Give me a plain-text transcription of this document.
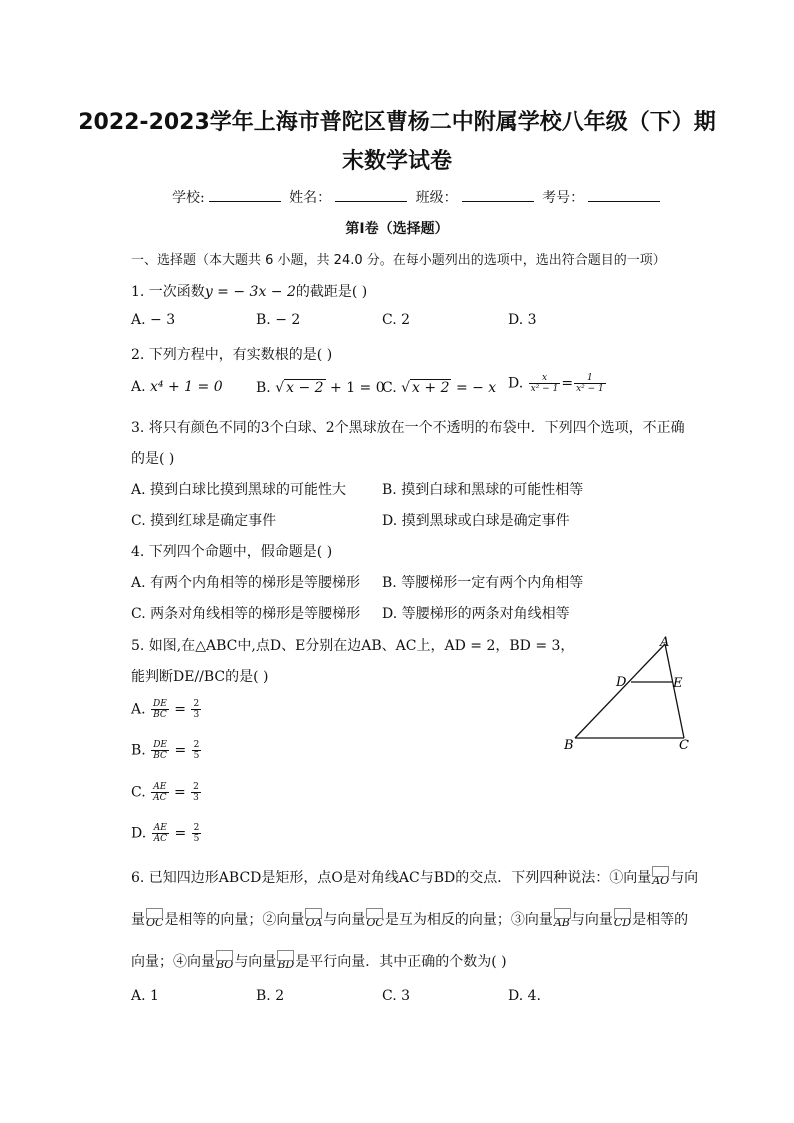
2022-2023学年上海市普陀区曹杨二中附属学校八年级（下）期
末数学试卷
学校:	姓名：	班级：	考号：
第I卷（选择题）
一、选择题（本大题共 6 小题，共 24.0 分。在每小题列出的选项中，选出符合题目的一项）
1. 一次函数y = − 3x − 2的截距是( )
A. − 3	B. − 2	C. 2	D. 3
2. 下列方程中，有实数根的是( )
A. x⁴ + 1 = 0 B. √ x − 2 + 1 = 0
C. √ x + 2 = − x D. $\frac{x}{\text{x² − 1}} = \frac{1}{\text{x² − 1}}$
3. 将只有颜色不同的3个白球、2个黑球放在一个不透明的布袋中．下列四个选项，不正确
的是( )
A. 摸到白球比摸到黑球的可能性大	B. 摸到白球和黑球的可能性相等
C. 摸到红球是确定事件	D. 摸到黑球或白球是确定事件
4. 下列四个命题中，假命题是( )
A. 有两个内角相等的梯形是等腰梯形 B. 等腰梯形一定有两个内角相等
C. 两条对角线相等的梯形是等腰梯形 D. 等腰梯形的两条对角线相等
5. 如图,在△ABC中,点D、E分别在边AB、AC上，AD = 2，BD = 3，
能判断DE//BC的是( )
A. $\frac{DE}{BC} = \frac{2}{3}$
B. $\frac{DE}{BC} = \frac{2}{5}$
C. $\frac{AE}{AC} = \frac{2}{3}$
D. $\frac{AE}{AC} = \frac{2}{5}$
A
B	C
D	E
6. 已知四边形ABCD是矩形，点O是对角线AC与BD的交点．下列四种说法：①向量AO与向
量OC是相等的向量；②向量OA与向量OC是互为相反的向量；③向量AB与向量CD是相等的
向量；④向量BO与向量BD是平行向量．其中正确的个数为( )
A. 1	B. 2	C. 3	D. 4.
